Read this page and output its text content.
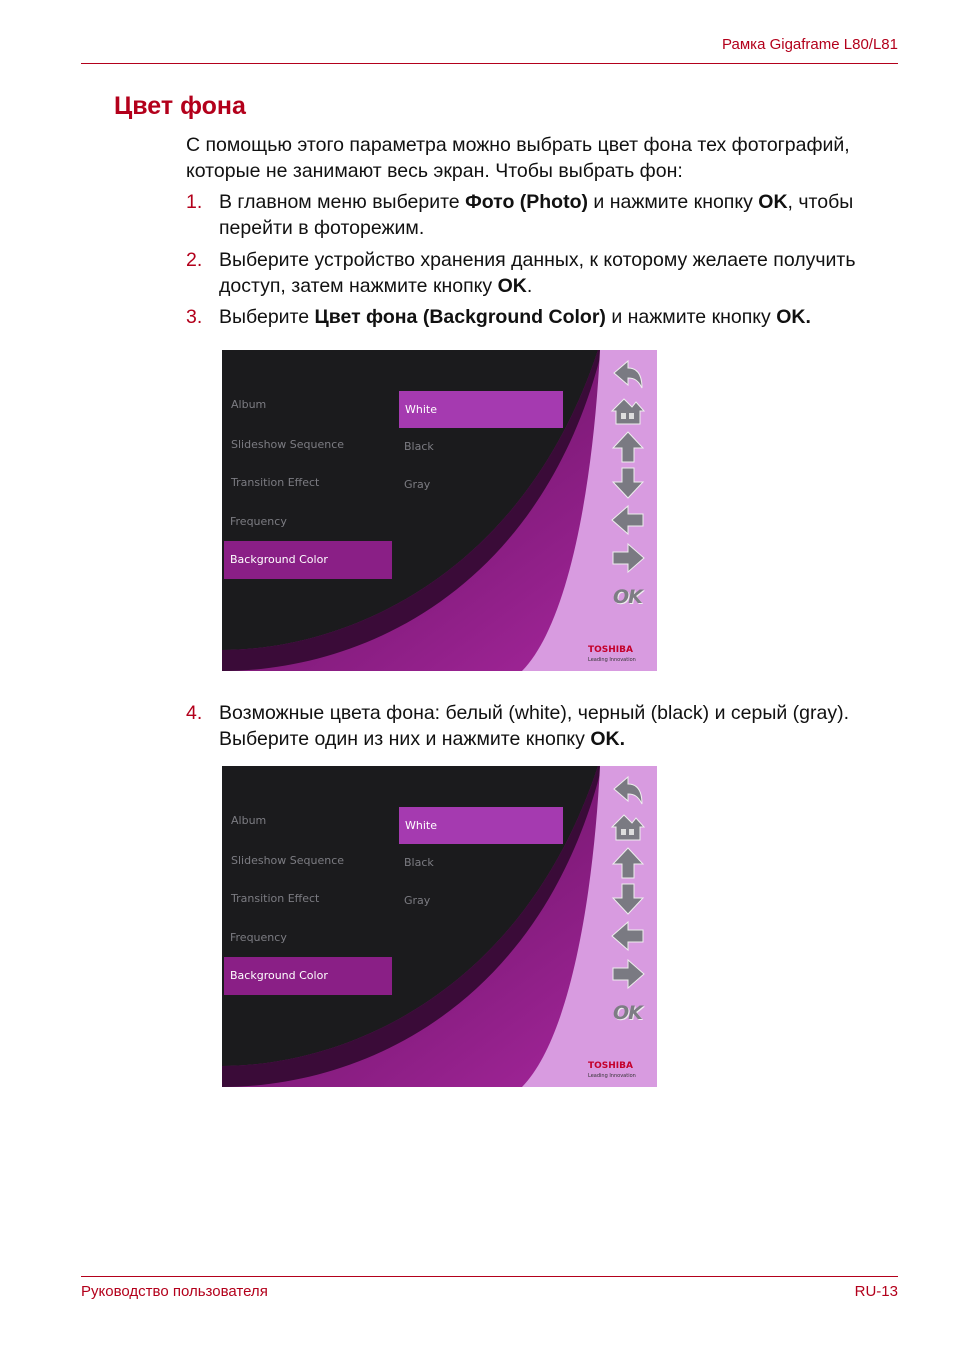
Рамка Gigaframe L80/L81
Цвет фона
С помощью этого параметра можно выбрать цвет фона тех фотографий, которые не занимают весь экран. Чтобы выбрать фон:
1. В главном меню выберите Фото (Photo) и нажмите кнопку OK, чтобы перейти в фоторежим.
2. Выберите устройство хранения данных, к которому желаете получить доступ, затем нажмите кнопку OK.
3. Выберите Цвет фона (Background Color) и нажмите кнопку OK.
Album
Slideshow Sequence
Transition Effect
Frequency
Background Color
White
Black
Gray
OK
TOSHIBA
Leading Innovation
4. Возможные цвета фона: белый (white), черный (black) и серый (gray). Выберите один из них и нажмите кнопку OK.
Album
Slideshow Sequence
Transition Effect
Frequency
Background Color
White
Black
Gray
OK
TOSHIBA
Leading Innovation
Руководство пользователя	RU-13
